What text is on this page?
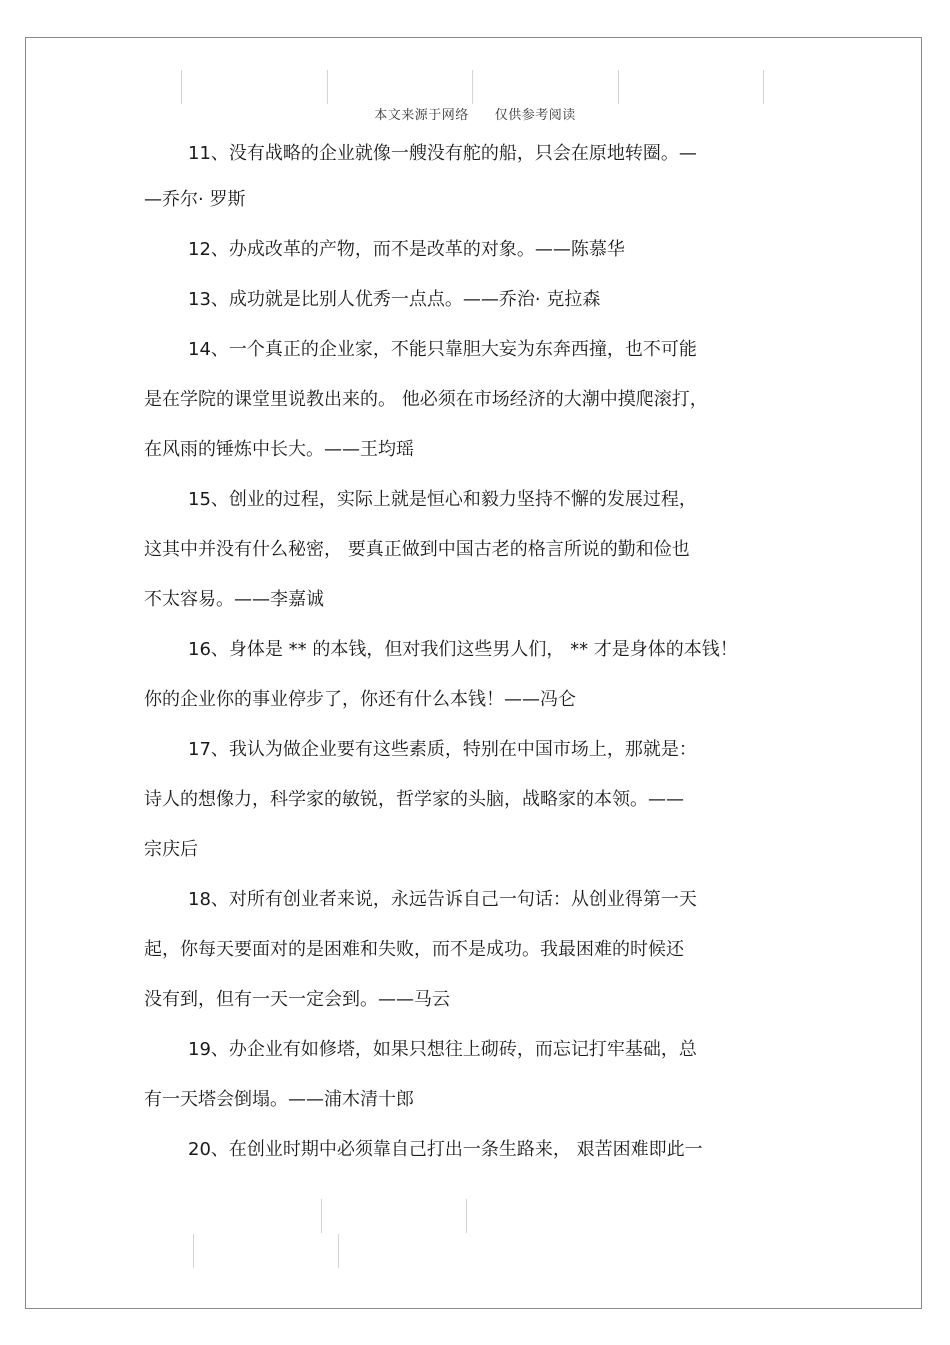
本文来源于网络 仅供参考阅读
11、没有战略的企业就像一艘没有舵的船，只会在原地转圈。—
—乔尔· 罗斯
12、办成改革的产物，而不是改革的对象。——陈慕华
13、成功就是比别人优秀一点点。——乔治· 克拉森
14、一个真正的企业家，不能只靠胆大妄为东奔西撞，也不可能
是在学院的课堂里说教出来的。 他必须在市场经济的大潮中摸爬滚打，
在风雨的锤炼中长大。——王均瑶
15、创业的过程，实际上就是恒心和毅力坚持不懈的发展过程，
这其中并没有什么秘密， 要真正做到中国古老的格言所说的勤和俭也
不太容易。——李嘉诚
16、身体是 ** 的本钱，但对我们这些男人们， ** 才是身体的本钱！
你的企业你的事业停步了，你还有什么本钱！——冯仑
17、我认为做企业要有这些素质，特别在中国市场上，那就是：
诗人的想像力，科学家的敏锐，哲学家的头脑，战略家的本领。——
宗庆后
18、对所有创业者来说，永远告诉自己一句话：从创业得第一天
起，你每天要面对的是困难和失败，而不是成功。我最困难的时候还
没有到，但有一天一定会到。——马云
19、办企业有如修塔，如果只想往上砌砖，而忘记打牢基础，总
有一天塔会倒塌。——浦木清十郎
20、在创业时期中必须靠自己打出一条生路来， 艰苦困难即此一
